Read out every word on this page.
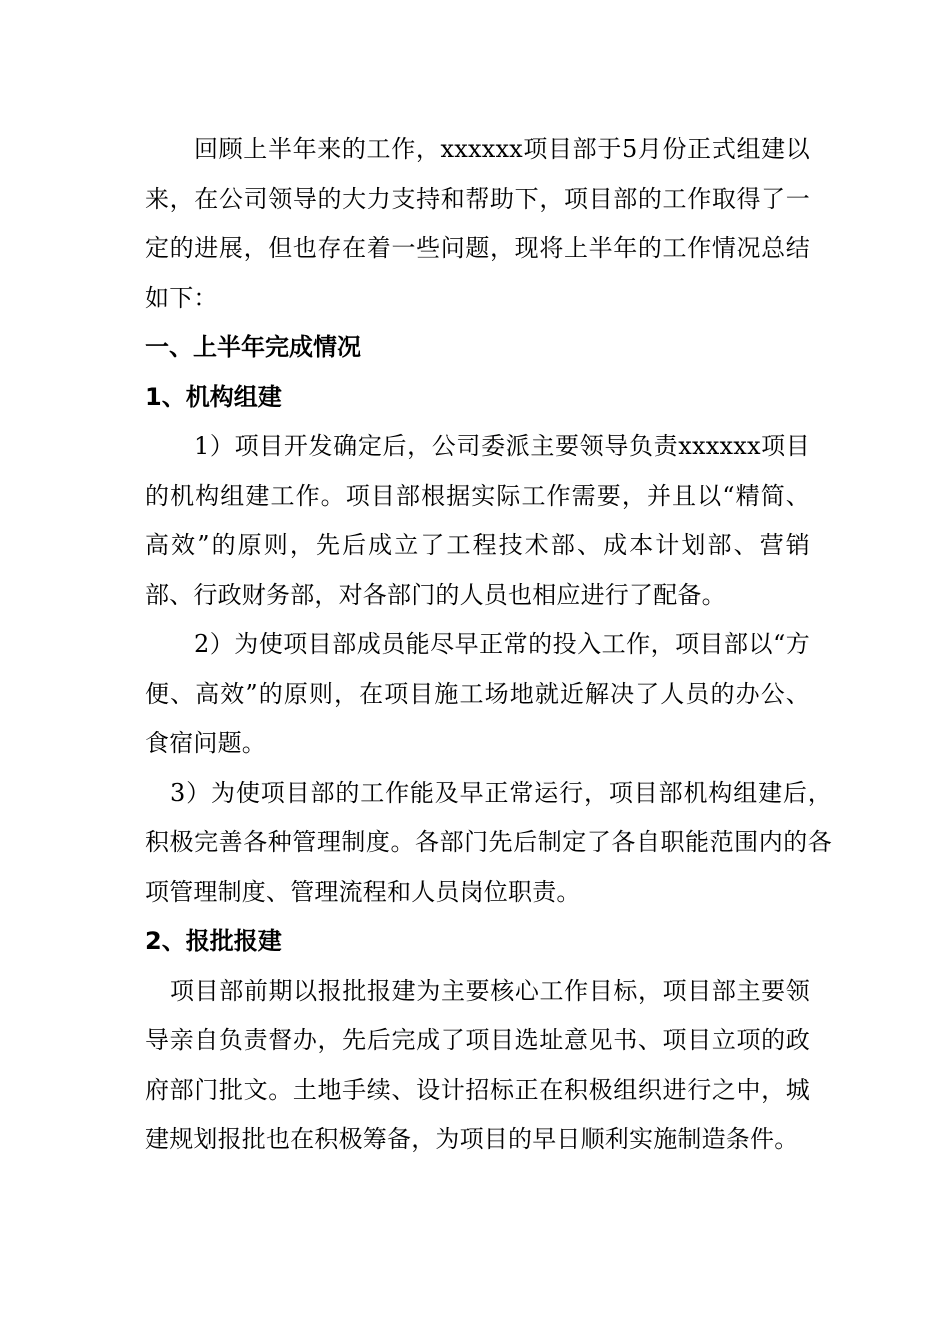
回顾上半年来的工作，xxxxxx项目部于5月份正式组建以来，在公司领导的大力支持和帮助下，项目部的工作取得了一定的进展，但也存在着一些问题，现将上半年的工作情况总结如下：

一、上半年完成情况

1、机构组建

1）项目开发确定后，公司委派主要领导负责xxxxxx项目的机构组建工作。项目部根据实际工作需要，并且以“精简、高效”的原则，先后成立了工程技术部、成本计划部、营销部、行政财务部，对各部门的人员也相应进行了配备。

2）为使项目部成员能尽早正常的投入工作，项目部以“方便、高效”的原则，在项目施工场地就近解决了人员的办公、食宿问题。

3）为使项目部的工作能及早正常运行，项目部机构组建后，积极完善各种管理制度。各部门先后制定了各自职能范围内的各项管理制度、管理流程和人员岗位职责。

2、报批报建

项目部前期以报批报建为主要核心工作目标，项目部主要领导亲自负责督办，先后完成了项目选址意见书、项目立项的政府部门批文。土地手续、设计招标正在积极组织进行之中，城建规划报批也在积极筹备，为项目的早日顺利实施制造条件。
